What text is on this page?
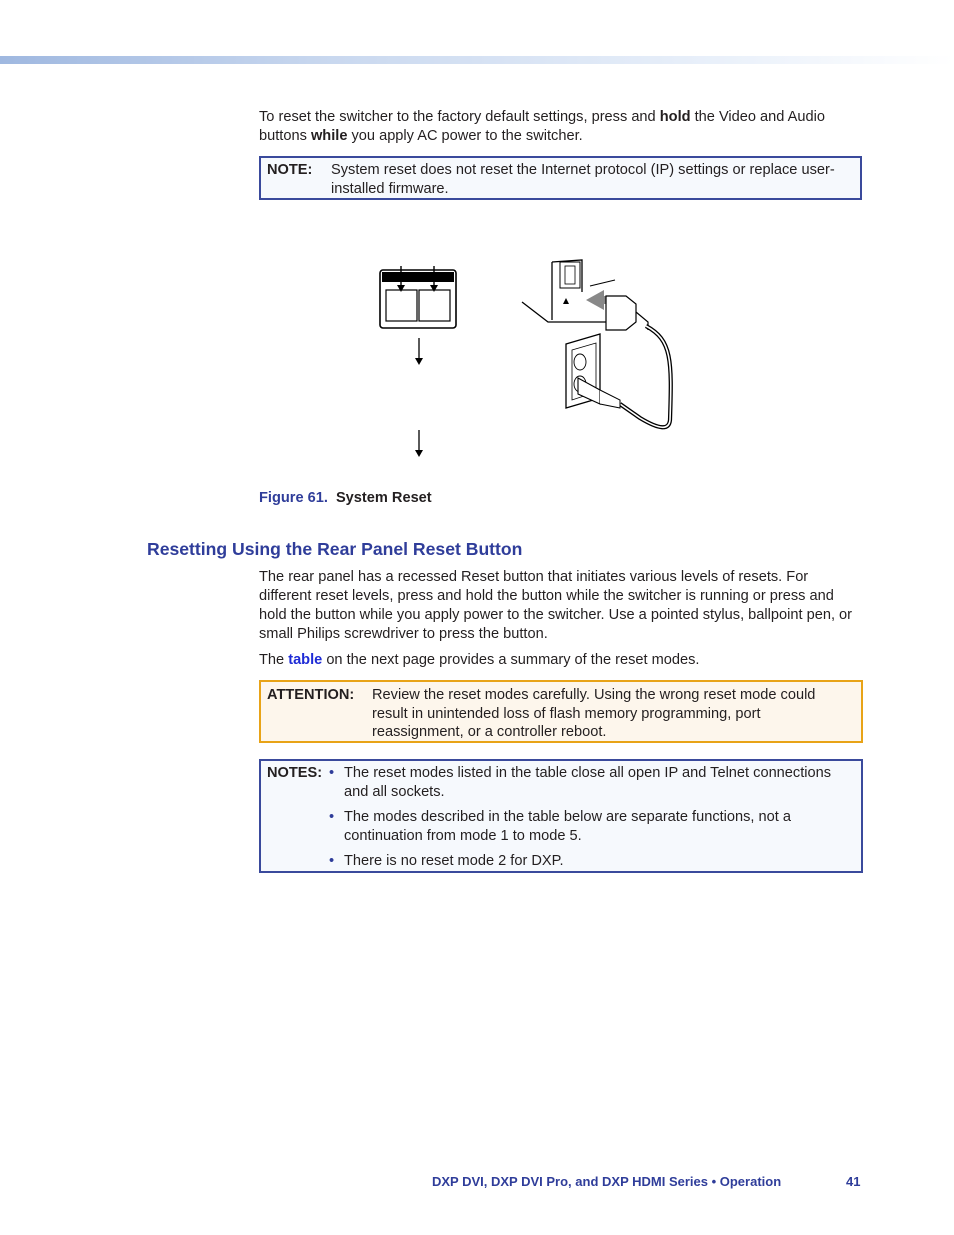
To reset the switcher to the factory default settings, press and hold the Video and Audio buttons while you apply AC power to the switcher.

NOTE: System reset does not reset the Internet protocol (IP) settings or replace user-installed firmware.
Figure 61. System Reset
Resetting Using the Rear Panel Reset Button

The rear panel has a recessed Reset button that initiates various levels of resets. For different reset levels, press and hold the button while the switcher is running or press and hold the button while you apply power to the switcher. Use a pointed stylus, ballpoint pen, or small Philips screwdriver to press the button.

The table on the next page provides a summary of the reset modes.

ATTENTION: Review the reset modes carefully. Using the wrong reset mode could result in unintended loss of flash memory programming, port reassignment, or a controller reboot.
NOTES: • The reset modes listed in the table close all open IP and Telnet connections and all sockets.
• The modes described in the table below are separate functions, not a continuation from mode 1 to mode 5.
• There is no reset mode 2 for DXP.
DXP DVI, DXP DVI Pro, and DXP HDMI Series • Operation	41
